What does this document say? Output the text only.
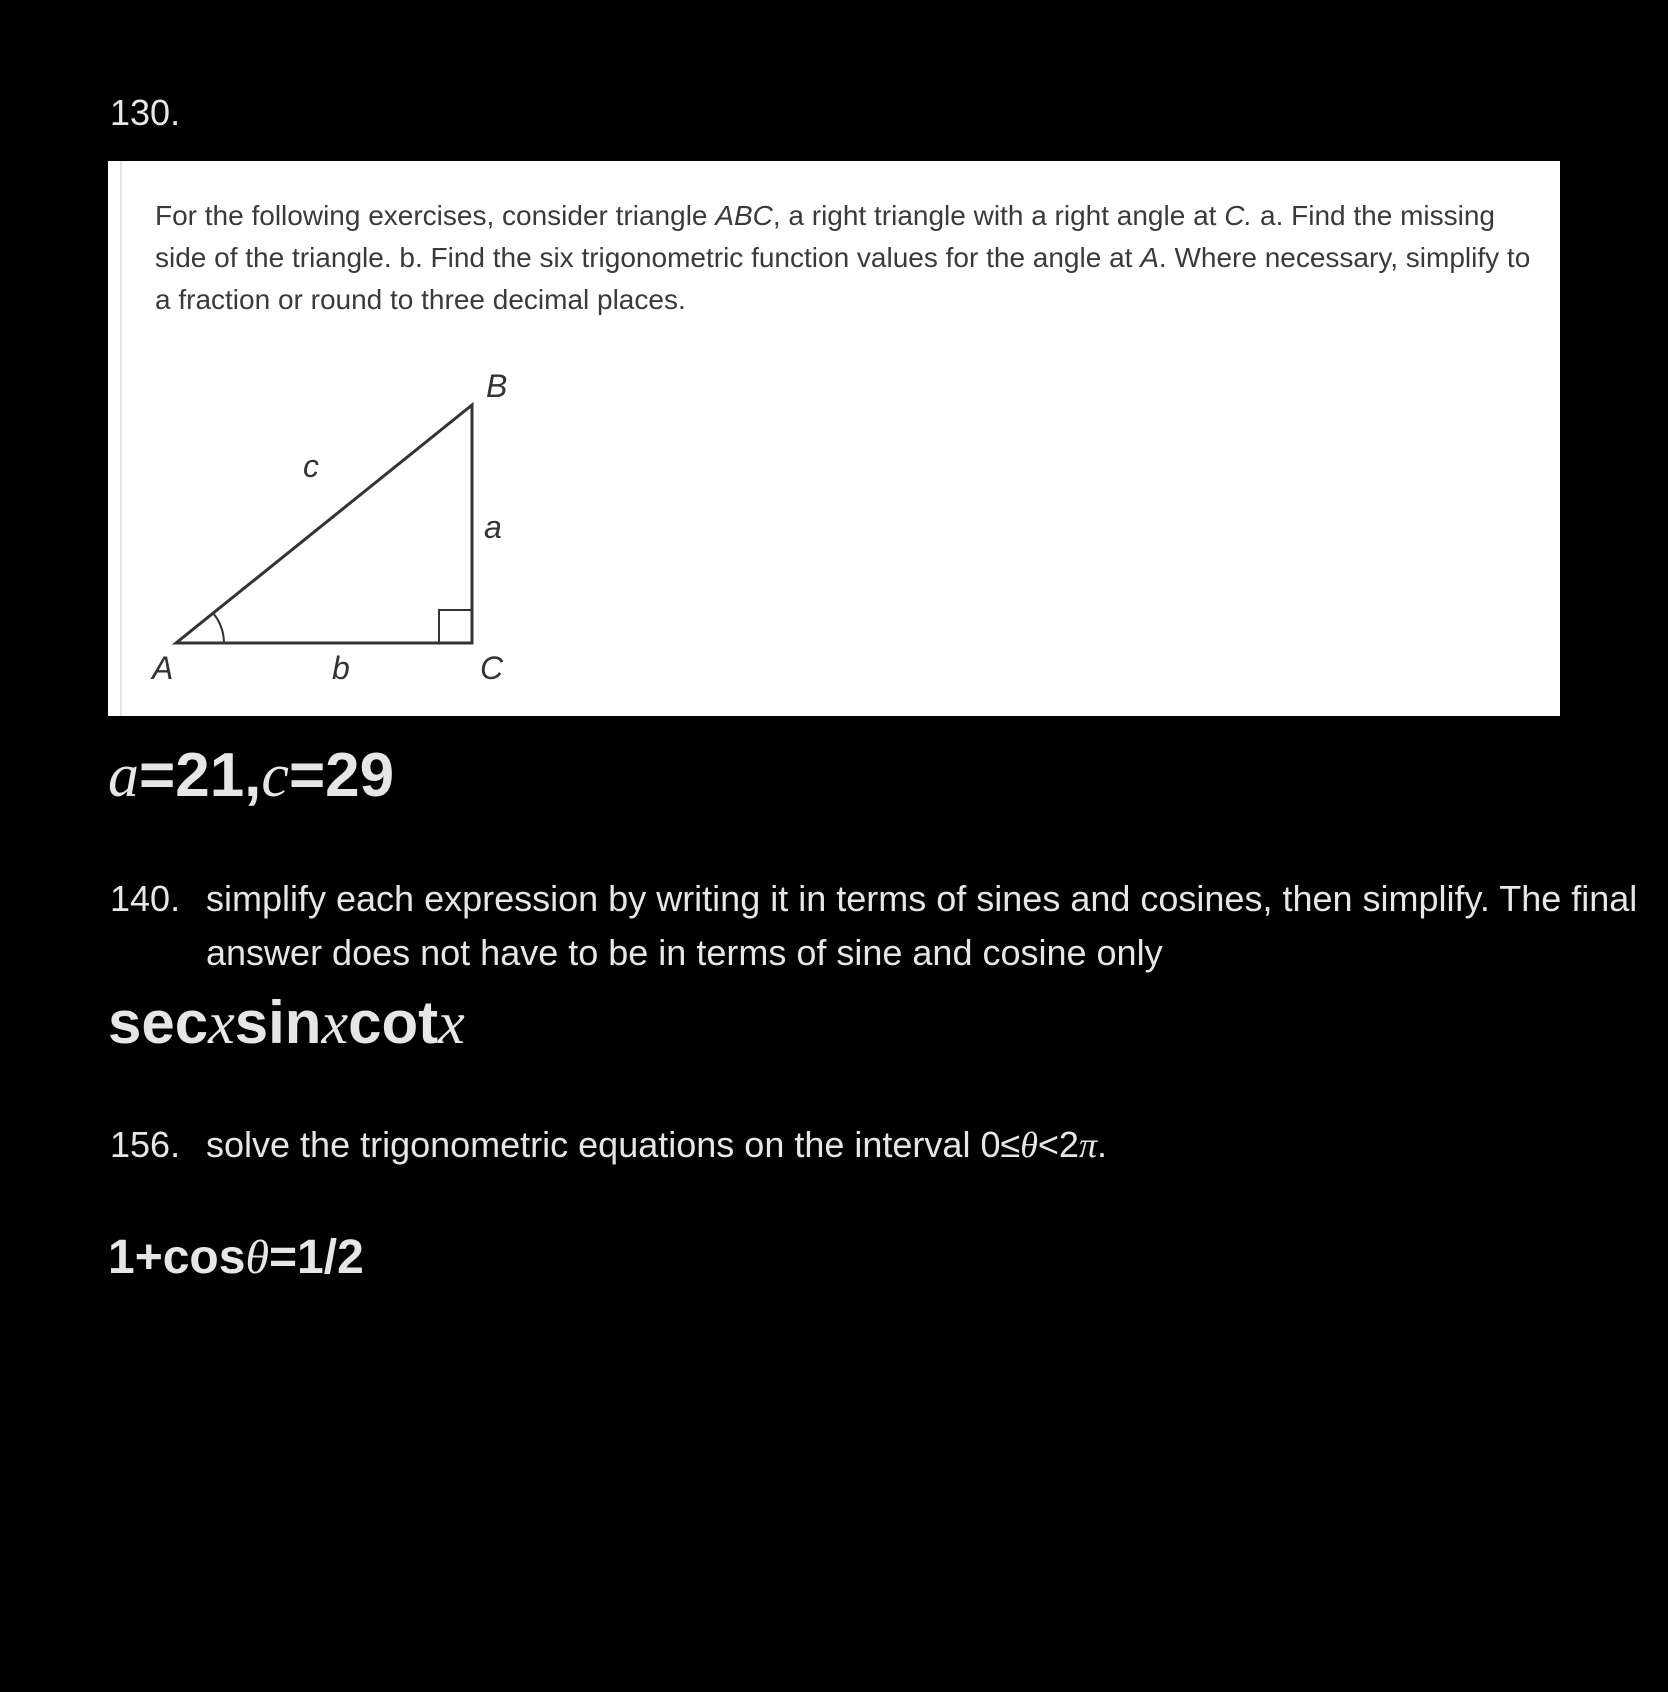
130.
For the following exercises, consider triangle ABC, a right triangle with a right angle at C. a. Find the missing side of the triangle. b. Find the six trigonometric function values for the angle at A. Where necessary, simplify to a fraction or round to three decimal places.
B
c
a
A	b	C
a=21,c=29
140. simplify each expression by writing it in terms of sines and cosines, then simplify. The final answer does not have to be in terms of sine and cosine only
secxsinxcotx
156. solve the trigonometric equations on the interval 0≤θ<2π.
1+cosθ=1/2
